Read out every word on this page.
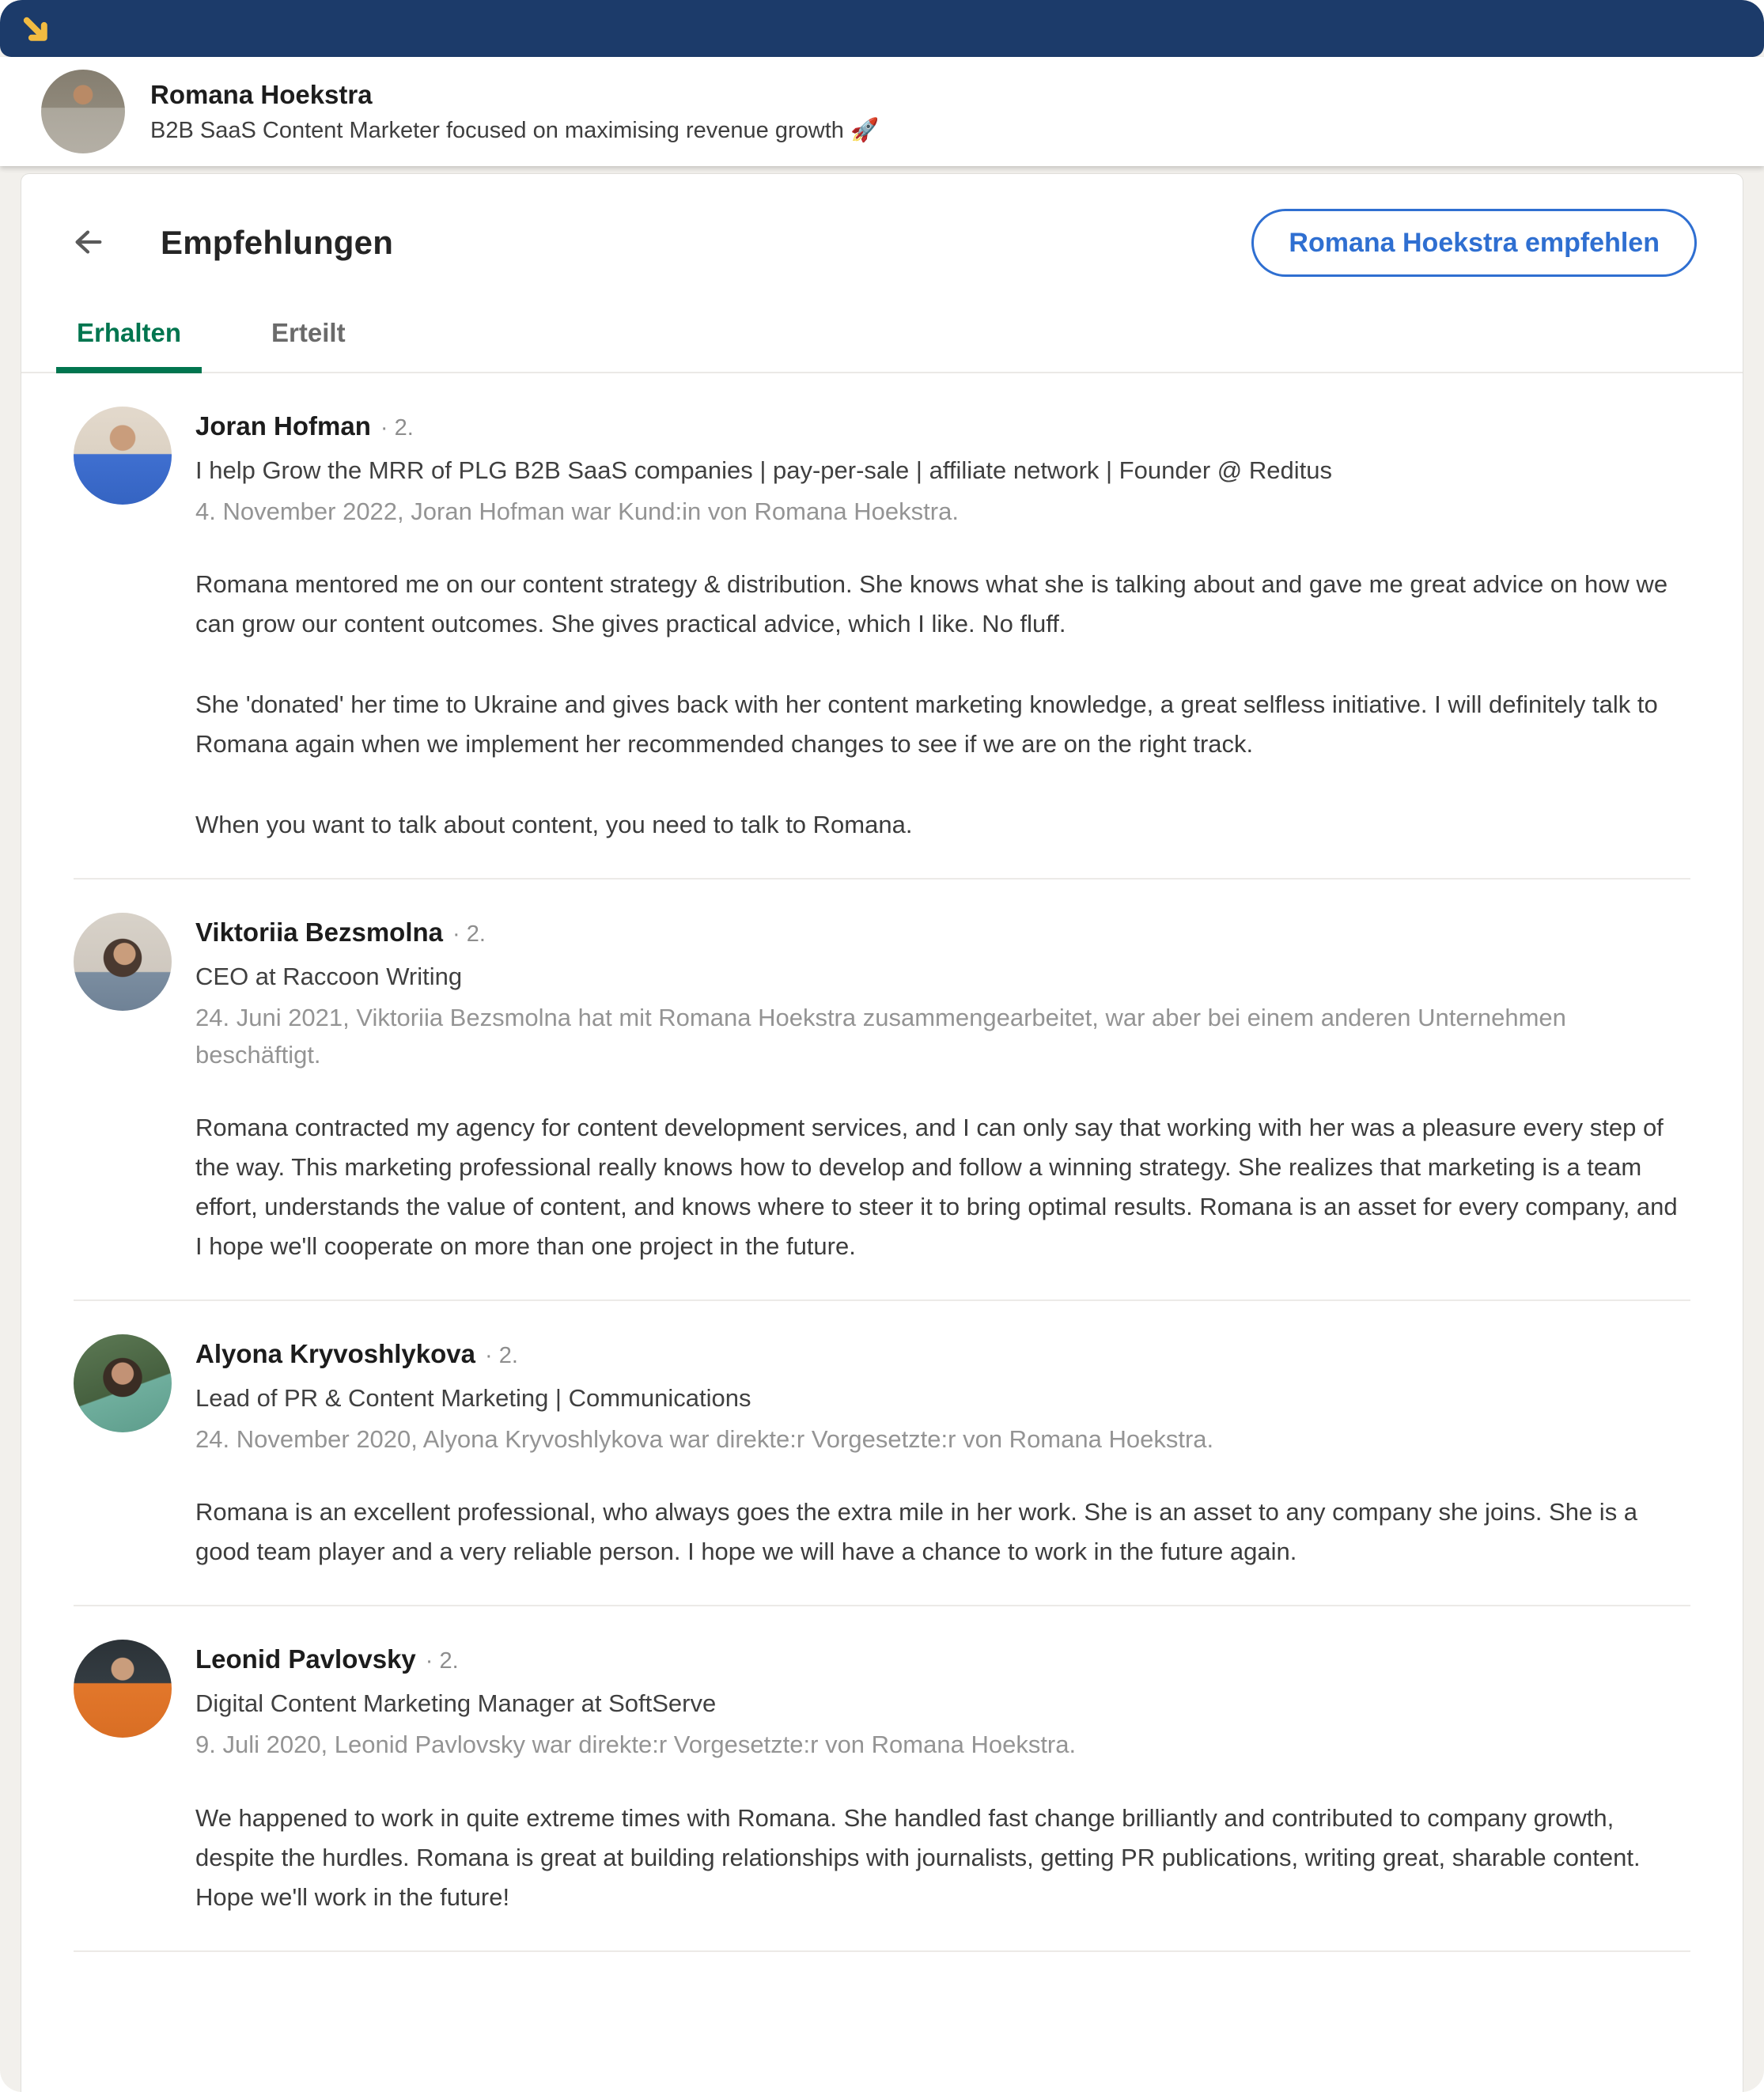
Romana Hoekstra
B2B SaaS Content Marketer focused on maximising revenue growth 🚀
Empfehlungen	Romana Hoekstra empfehlen
Erhalten	Erteilt
Joran Hofman · 2.
I help Grow the MRR of PLG B2B SaaS companies | pay-per-sale | affiliate network | Founder @ Reditus
4. November 2022, Joran Hofman war Kund:in von Romana Hoekstra.

Romana mentored me on our content strategy & distribution. She knows what she is talking about and gave me great advice on how we can grow our content outcomes. She gives practical advice, which I like. No fluff.

She 'donated' her time to Ukraine and gives back with her content marketing knowledge, a great selfless initiative. I will definitely talk to Romana again when we implement her recommended changes to see if we are on the right track.

When you want to talk about content, you need to talk to Romana.

Viktoriia Bezsmolna · 2.
CEO at Raccoon Writing
24. Juni 2021, Viktoriia Bezsmolna hat mit Romana Hoekstra zusammengearbeitet, war aber bei einem anderen Unternehmen beschäftigt.

Romana contracted my agency for content development services, and I can only say that working with her was a pleasure every step of the way. This marketing professional really knows how to develop and follow a winning strategy. She realizes that marketing is a team effort, understands the value of content, and knows where to steer it to bring optimal results. Romana is an asset for every company, and I hope we'll cooperate on more than one project in the future.

Alyona Kryvoshlykova · 2.
Lead of PR & Content Marketing | Communications
24. November 2020, Alyona Kryvoshlykova war direkte:r Vorgesetzte:r von Romana Hoekstra.

Romana is an excellent professional, who always goes the extra mile in her work. She is an asset to any company she joins. She is a good team player and a very reliable person. I hope we will have a chance to work in the future again.

Leonid Pavlovsky · 2.
Digital Content Marketing Manager at SoftServe
9. Juli 2020, Leonid Pavlovsky war direkte:r Vorgesetzte:r von Romana Hoekstra.

We happened to work in quite extreme times with Romana. She handled fast change brilliantly and contributed to company growth, despite the hurdles. Romana is great at building relationships with journalists, getting PR publications, writing great, sharable content. Hope we'll work in the future!
